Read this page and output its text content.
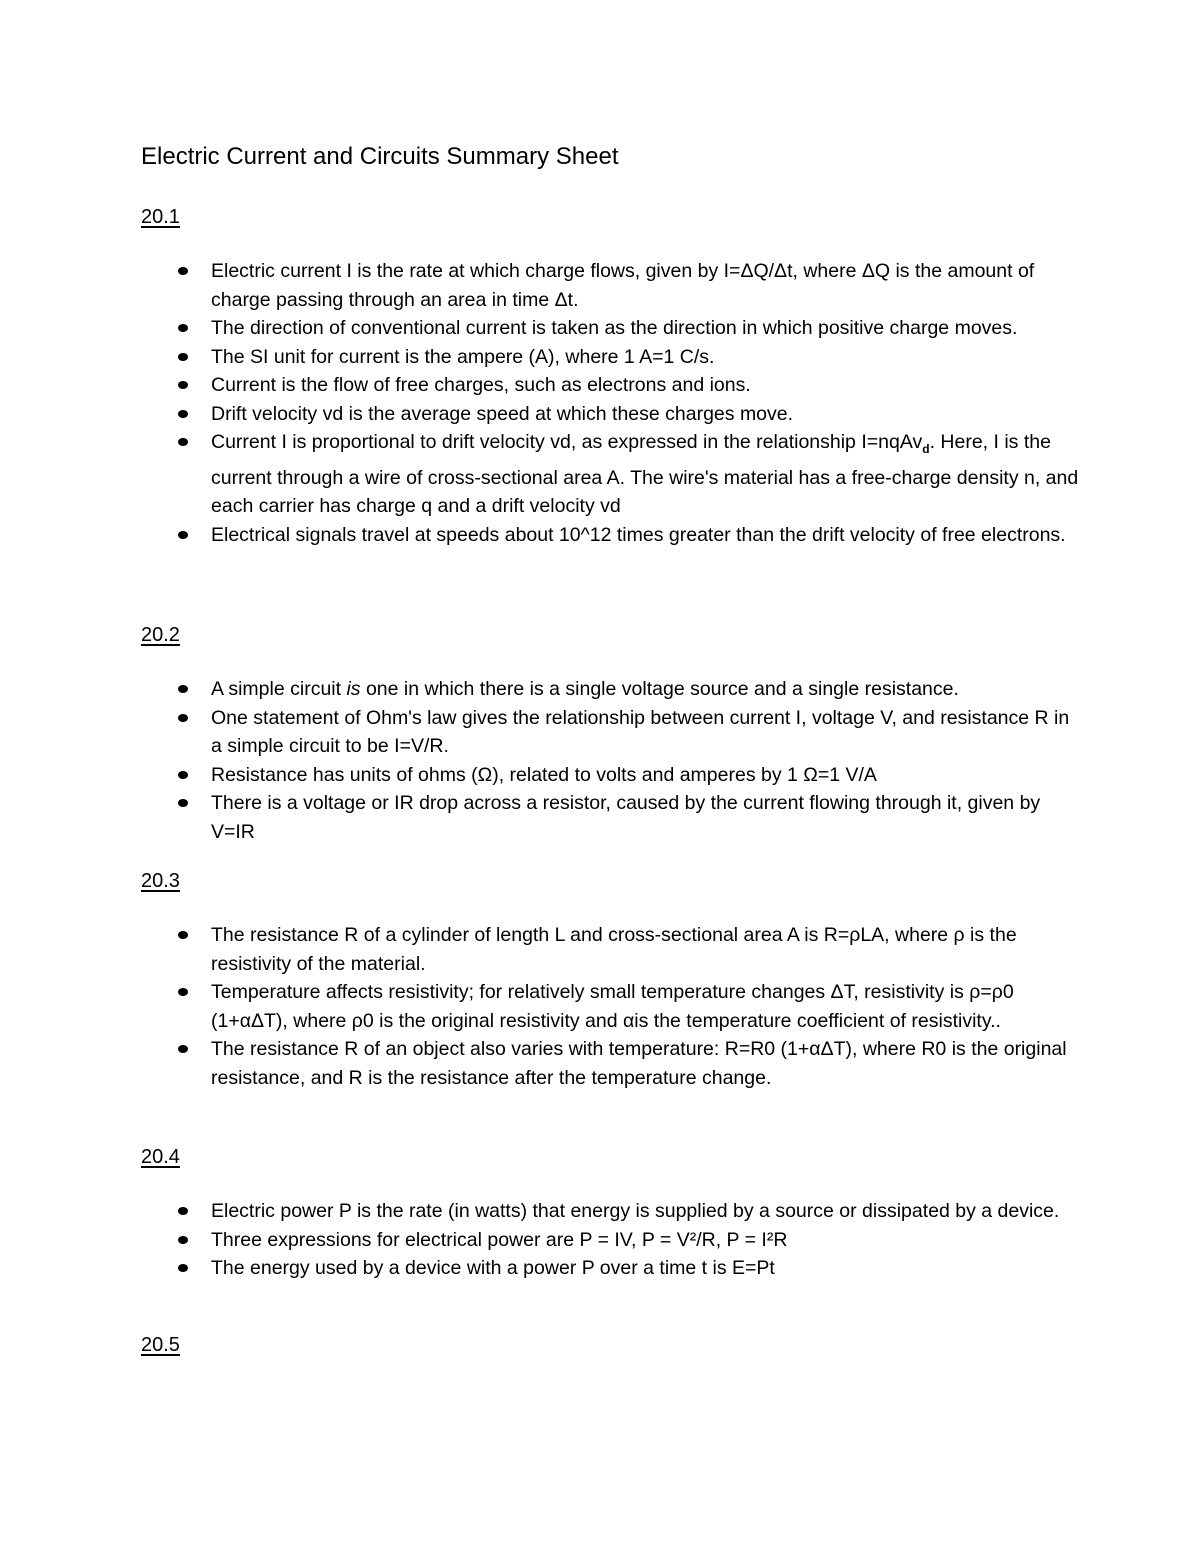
Electric Current and Circuits Summary Sheet
20.1
Electric current I is the rate at which charge flows, given by I=ΔQ/Δt, where ΔQ is the amount of charge passing through an area in time Δt.
The direction of conventional current is taken as the direction in which positive charge moves.
The SI unit for current is the ampere (A), where 1 A=1 C/s.
Current is the flow of free charges, such as electrons and ions.
Drift velocity vd is the average speed at which these charges move.
Current I is proportional to drift velocity vd, as expressed in the relationship I=nqAv$_d$. Here, I is the current through a wire of cross-sectional area A. The wire's material has a free-charge density n, and each carrier has charge q and a drift velocity vd
Electrical signals travel at speeds about 10^12 times greater than the drift velocity of free electrons.
20.2
A simple circuit is one in which there is a single voltage source and a single resistance.
One statement of Ohm's law gives the relationship between current I, voltage V, and resistance R in a simple circuit to be I=V/R.
Resistance has units of ohms (Ω), related to volts and amperes by 1 Ω=1 V/A
There is a voltage or IR drop across a resistor, caused by the current flowing through it, given by V=IR
20.3
The resistance R of a cylinder of length L and cross-sectional area A is R=ρLA, where ρ is the resistivity of the material.
Temperature affects resistivity; for relatively small temperature changes ΔT, resistivity is ρ=ρ0 (1+αΔT), where ρ0 is the original resistivity and αis the temperature coefficient of resistivity..
The resistance R of an object also varies with temperature: R=R0 (1+αΔT), where R0 is the original resistance, and R is the resistance after the temperature change.
20.4
Electric power P is the rate (in watts) that energy is supplied by a source or dissipated by a device.
Three expressions for electrical power are P = IV, P = V²/R, P = I²R
The energy used by a device with a power P over a time t is E=Pt
20.5
